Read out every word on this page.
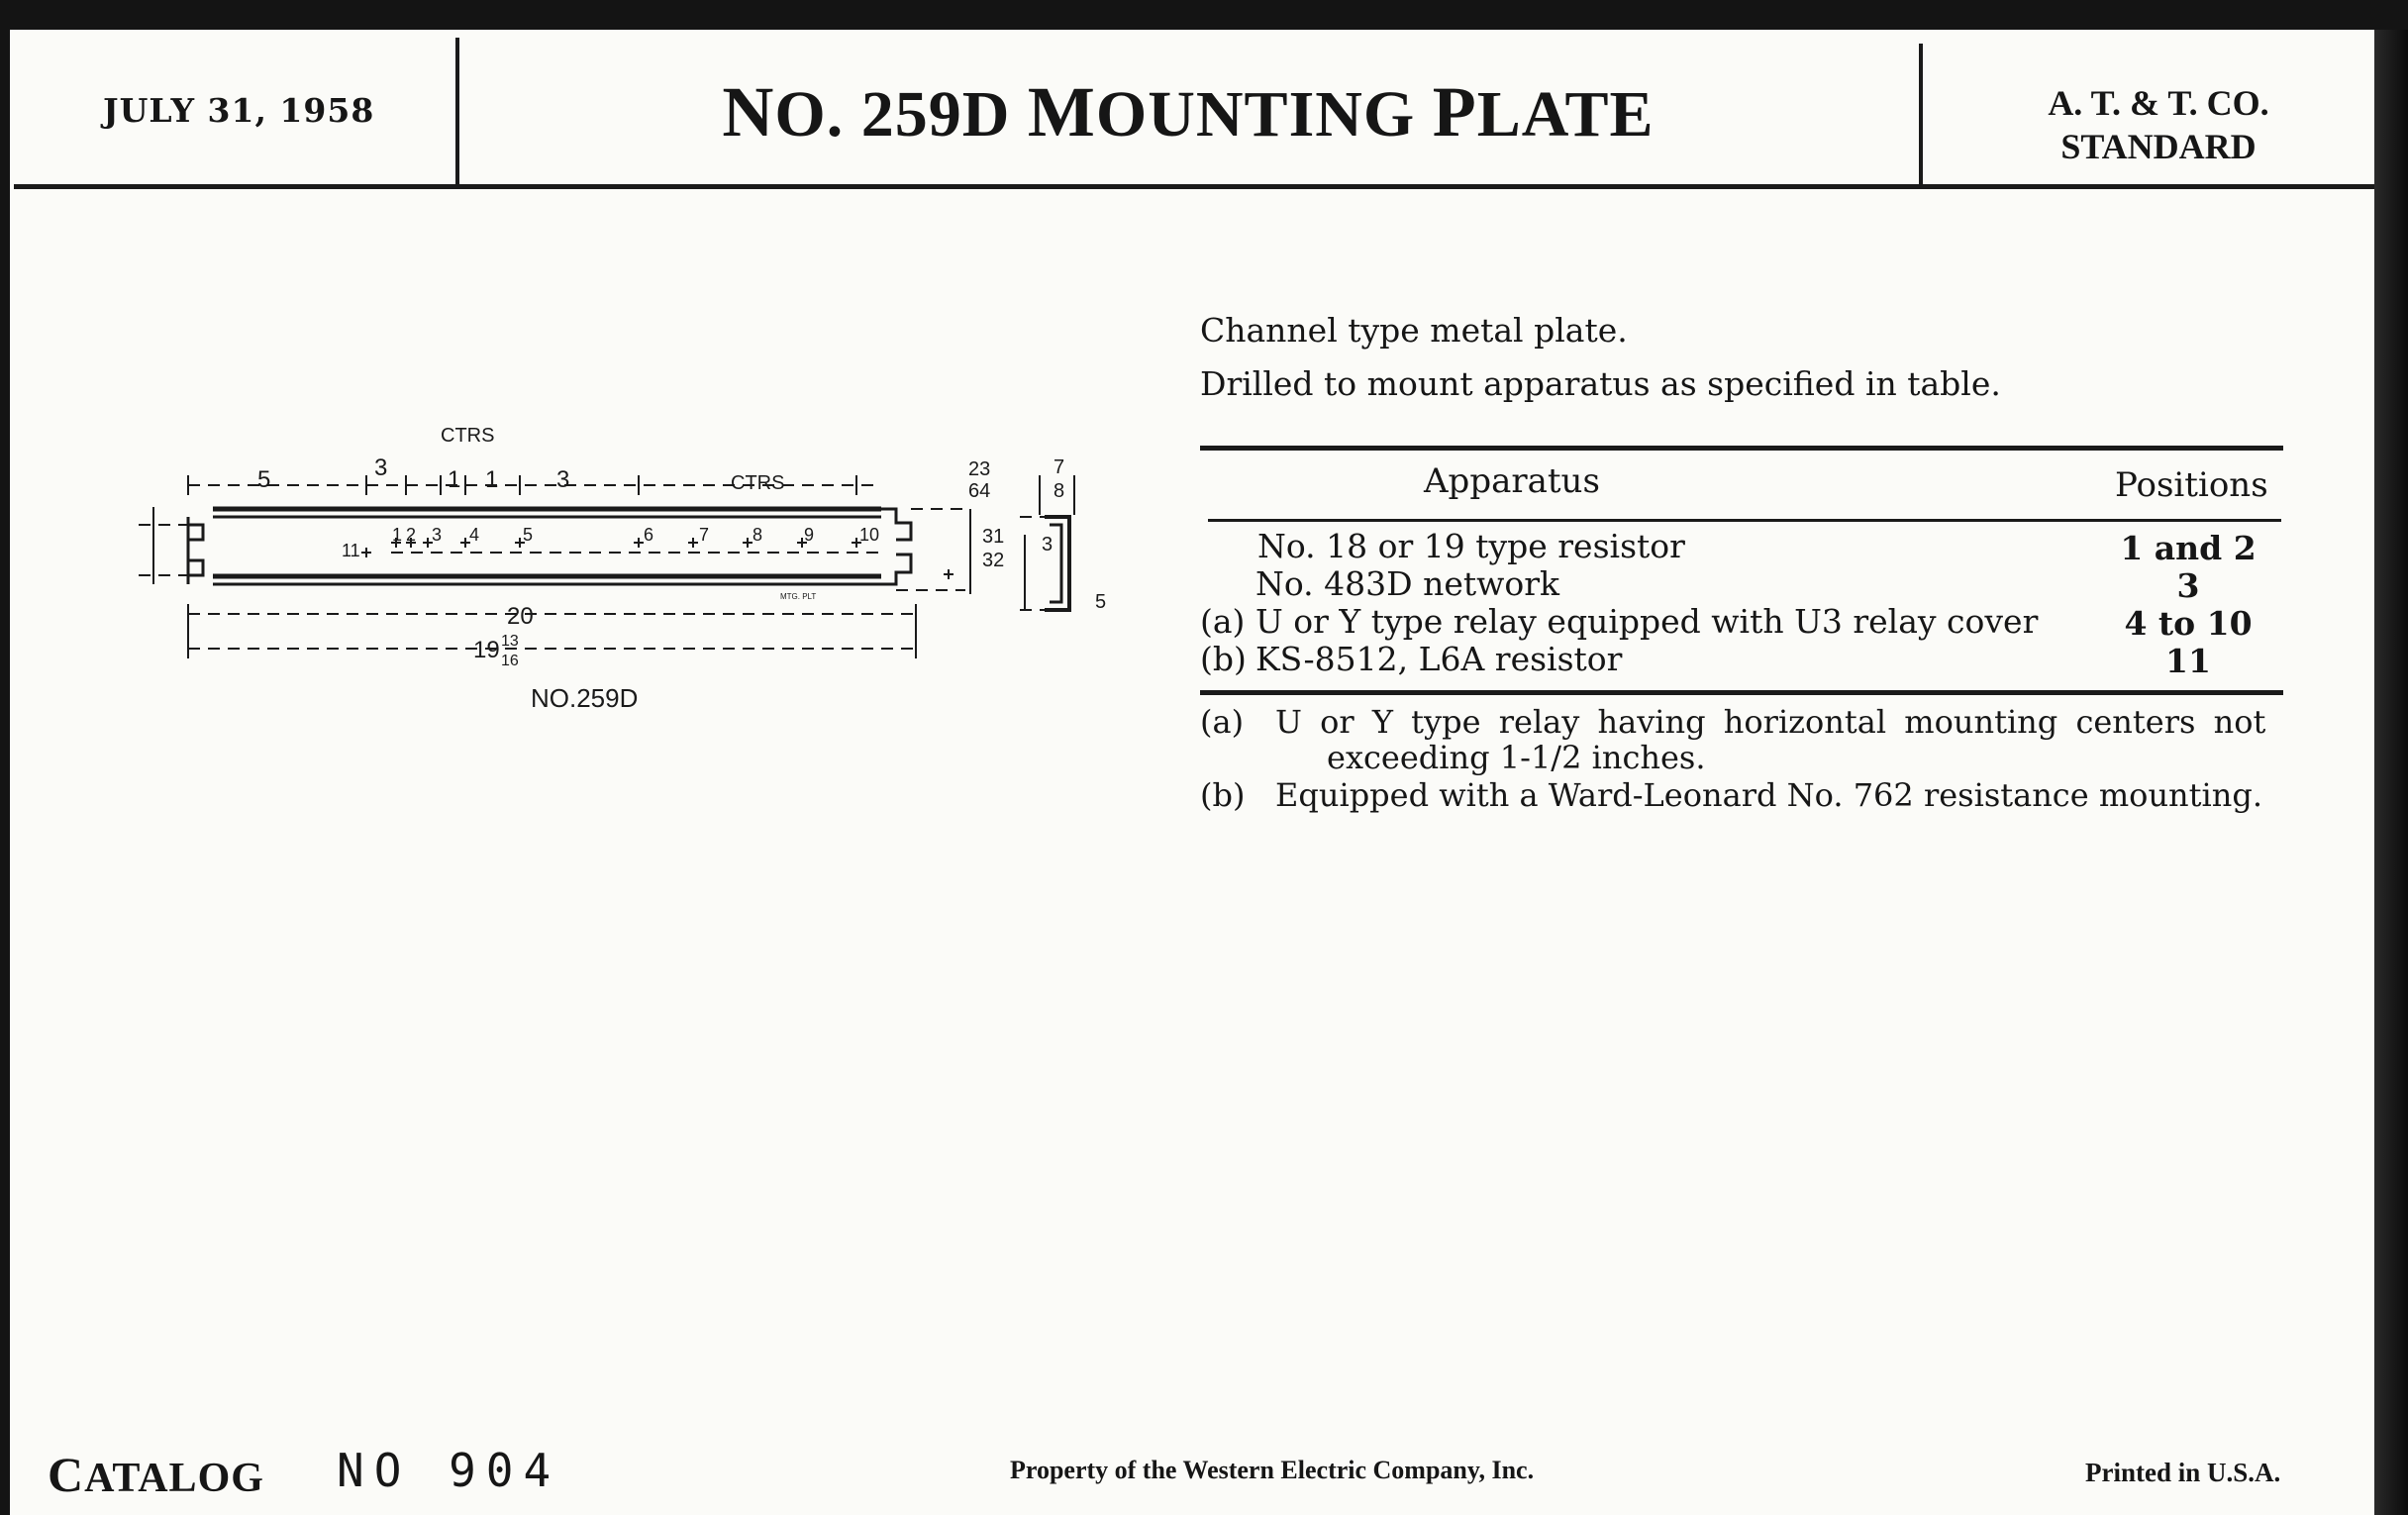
JULY 31, 1958	NO. 259D MOUNTING PLATE	A. T. & T. CO.
STANDARD
Channel type metal plate.
Drilled to mount apparatus as specified in table.
Apparatus	Positions
No. 18 or 19 type resistor	1 and 2
No. 483D network	3
(a) U or Y type relay equipped with U3 relay cover	4 to 10
(b) KS-8512, L6A resistor	11
(a) U or Y type relay having horizontal mounting centers not
exceeding 1-1/2 inches.
(b) Equipped with a Ward-Leonard No. 762 resistance mounting.
5	3	1 1 3
CTRS
CTRS
20
19 13
16
23
64
7
8
31
32
3
5
1 2 3 4 5	6	7 8 9	10
11
MTG. PLT
NO.259D
CATALOG NO 904	Property of the Western Electric Company, Inc.	Printed in U.S.A.
